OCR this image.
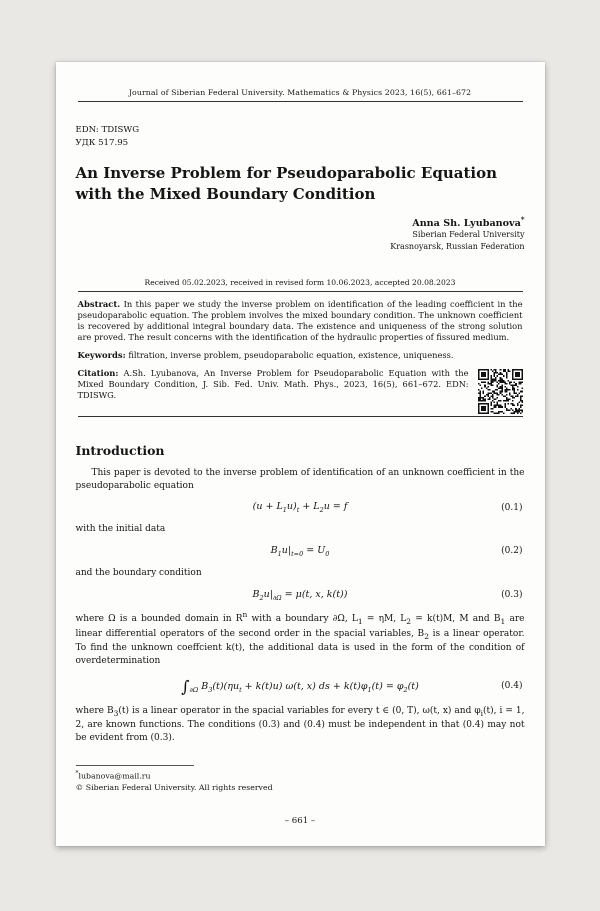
Journal of Siberian Federal University. Mathematics & Physics 2023, 16(5), 661–672
EDN: TDISWG
УДК 517.95
An Inverse Problem for Pseudoparabolic Equation
with the Mixed Boundary Condition
Anna Sh. Lyubanova*
Siberian Federal University
Krasnoyarsk, Russian Federation
Received 05.02.2023, received in revised form 10.06.2023, accepted 20.08.2023

Abstract. In this paper we study the inverse problem on identification of the leading coefficient in the pseudoparabolic equation. The problem involves the mixed boundary condition. The unknown coefficient is recovered by additional integral boundary data. The existence and uniqueness of the strong solution are proved. The result concerns with the identification of the hydraulic properties of fissured medium.

Keywords: filtration, inverse problem, pseudoparabolic equation, existence, uniqueness.

Citation: A.Sh. Lyubanova, An Inverse Problem for Pseudoparabolic Equation with the Mixed Boundary Condition, J. Sib. Fed. Univ. Math. Phys., 2023, 16(5), 661–672. EDN: TDISWG.

Introduction

This paper is devoted to the inverse problem of identification of an unknown coefficient in the pseudoparabolic equation

$(u + L_1u)_t + L_2u = f$	(0.1)

with the initial data

$B_1u|_{t=0} = U_0$	(0.2)

and the boundary condition

$B_2u|_{\partial\Omega} = \mu(t$, x, k(t))	(0.3)

where Ω is a bounded domain in $R^n$ with a boundary ∂Ω, $L_1 = \eta M$, $L_2 = k(t)M$, M and $B_1$ are linear differential operators of the second order in the spacial variables, $B_2$ is a linear operator. To find the unknown coeffcient k(t), the additional data is used in the form of the condition of overdetermination

$\int_{\partial\Omega}$ $B_3(t)(\eta u_t + k(t)u)$ ω(t, x) ds + $k(t)\varphi_1(t) = \varphi_2(t)$	(0.4)

where $B_3(t)$ is a linear operator in the spacial variables for every t ∈ (0, T), ω(t, x) and $\varphi_i(t)$, i = 1, 2, are known functions. The conditions (0.3) and (0.4) must be independent in that (0.4) may not be evident from (0.3).

*lubanova@mail.ru
© Siberian Federal University. All rights reserved
– 661 –
